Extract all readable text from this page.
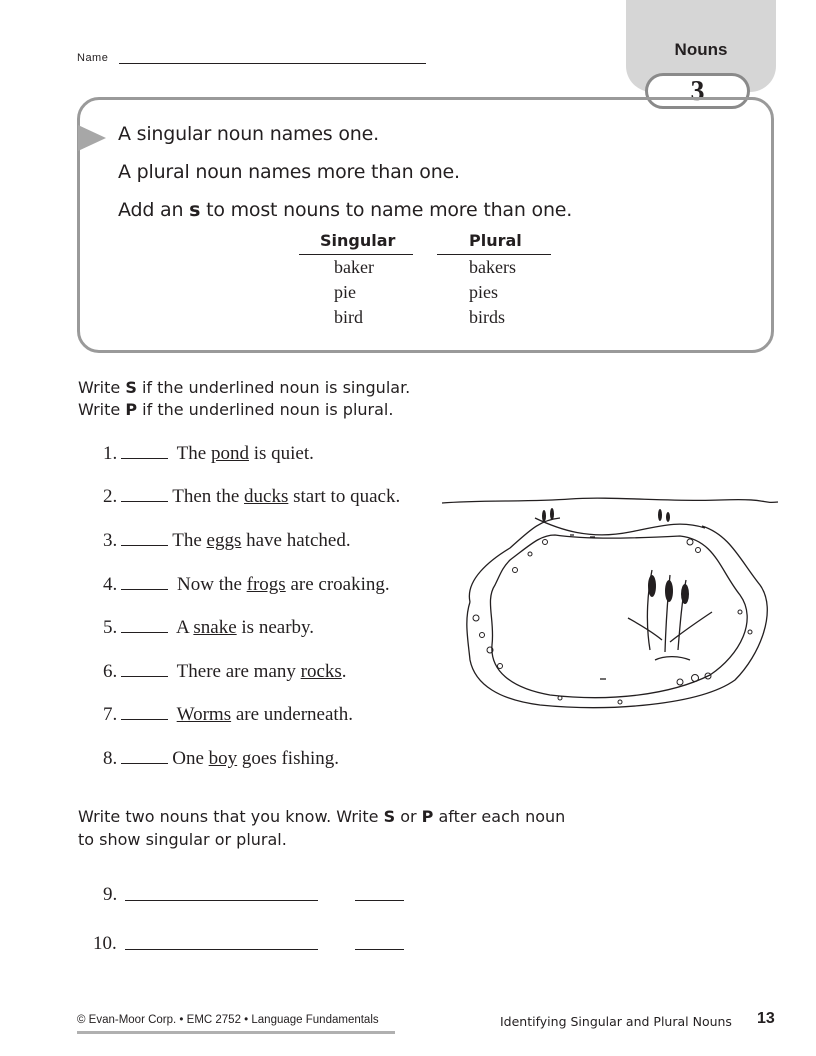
Name	Nouns
3
A singular noun names one.
A plural noun names more than one.
Add an s to most nouns to name more than one.
Singular	Plural
baker	bakers
pie	pies
bird	birds
Write S if the underlined noun is singular.
Write P if the underlined noun is plural.
1.	The pond is quiet.
2.	Then the ducks start to quack.
3.	The eggs have hatched.
4.	Now the frogs are croaking.
5.	A snake is nearby.
6.	There are many rocks.
7.	Worms are underneath.
8.	One boy goes fishing.
Write two nouns that you know. Write S or P after each noun
to show singular or plural.
9.
10.
© Evan-Moor Corp. • EMC 2752 • Language Fundamentals	Identifying Singular and Plural Nouns 13
